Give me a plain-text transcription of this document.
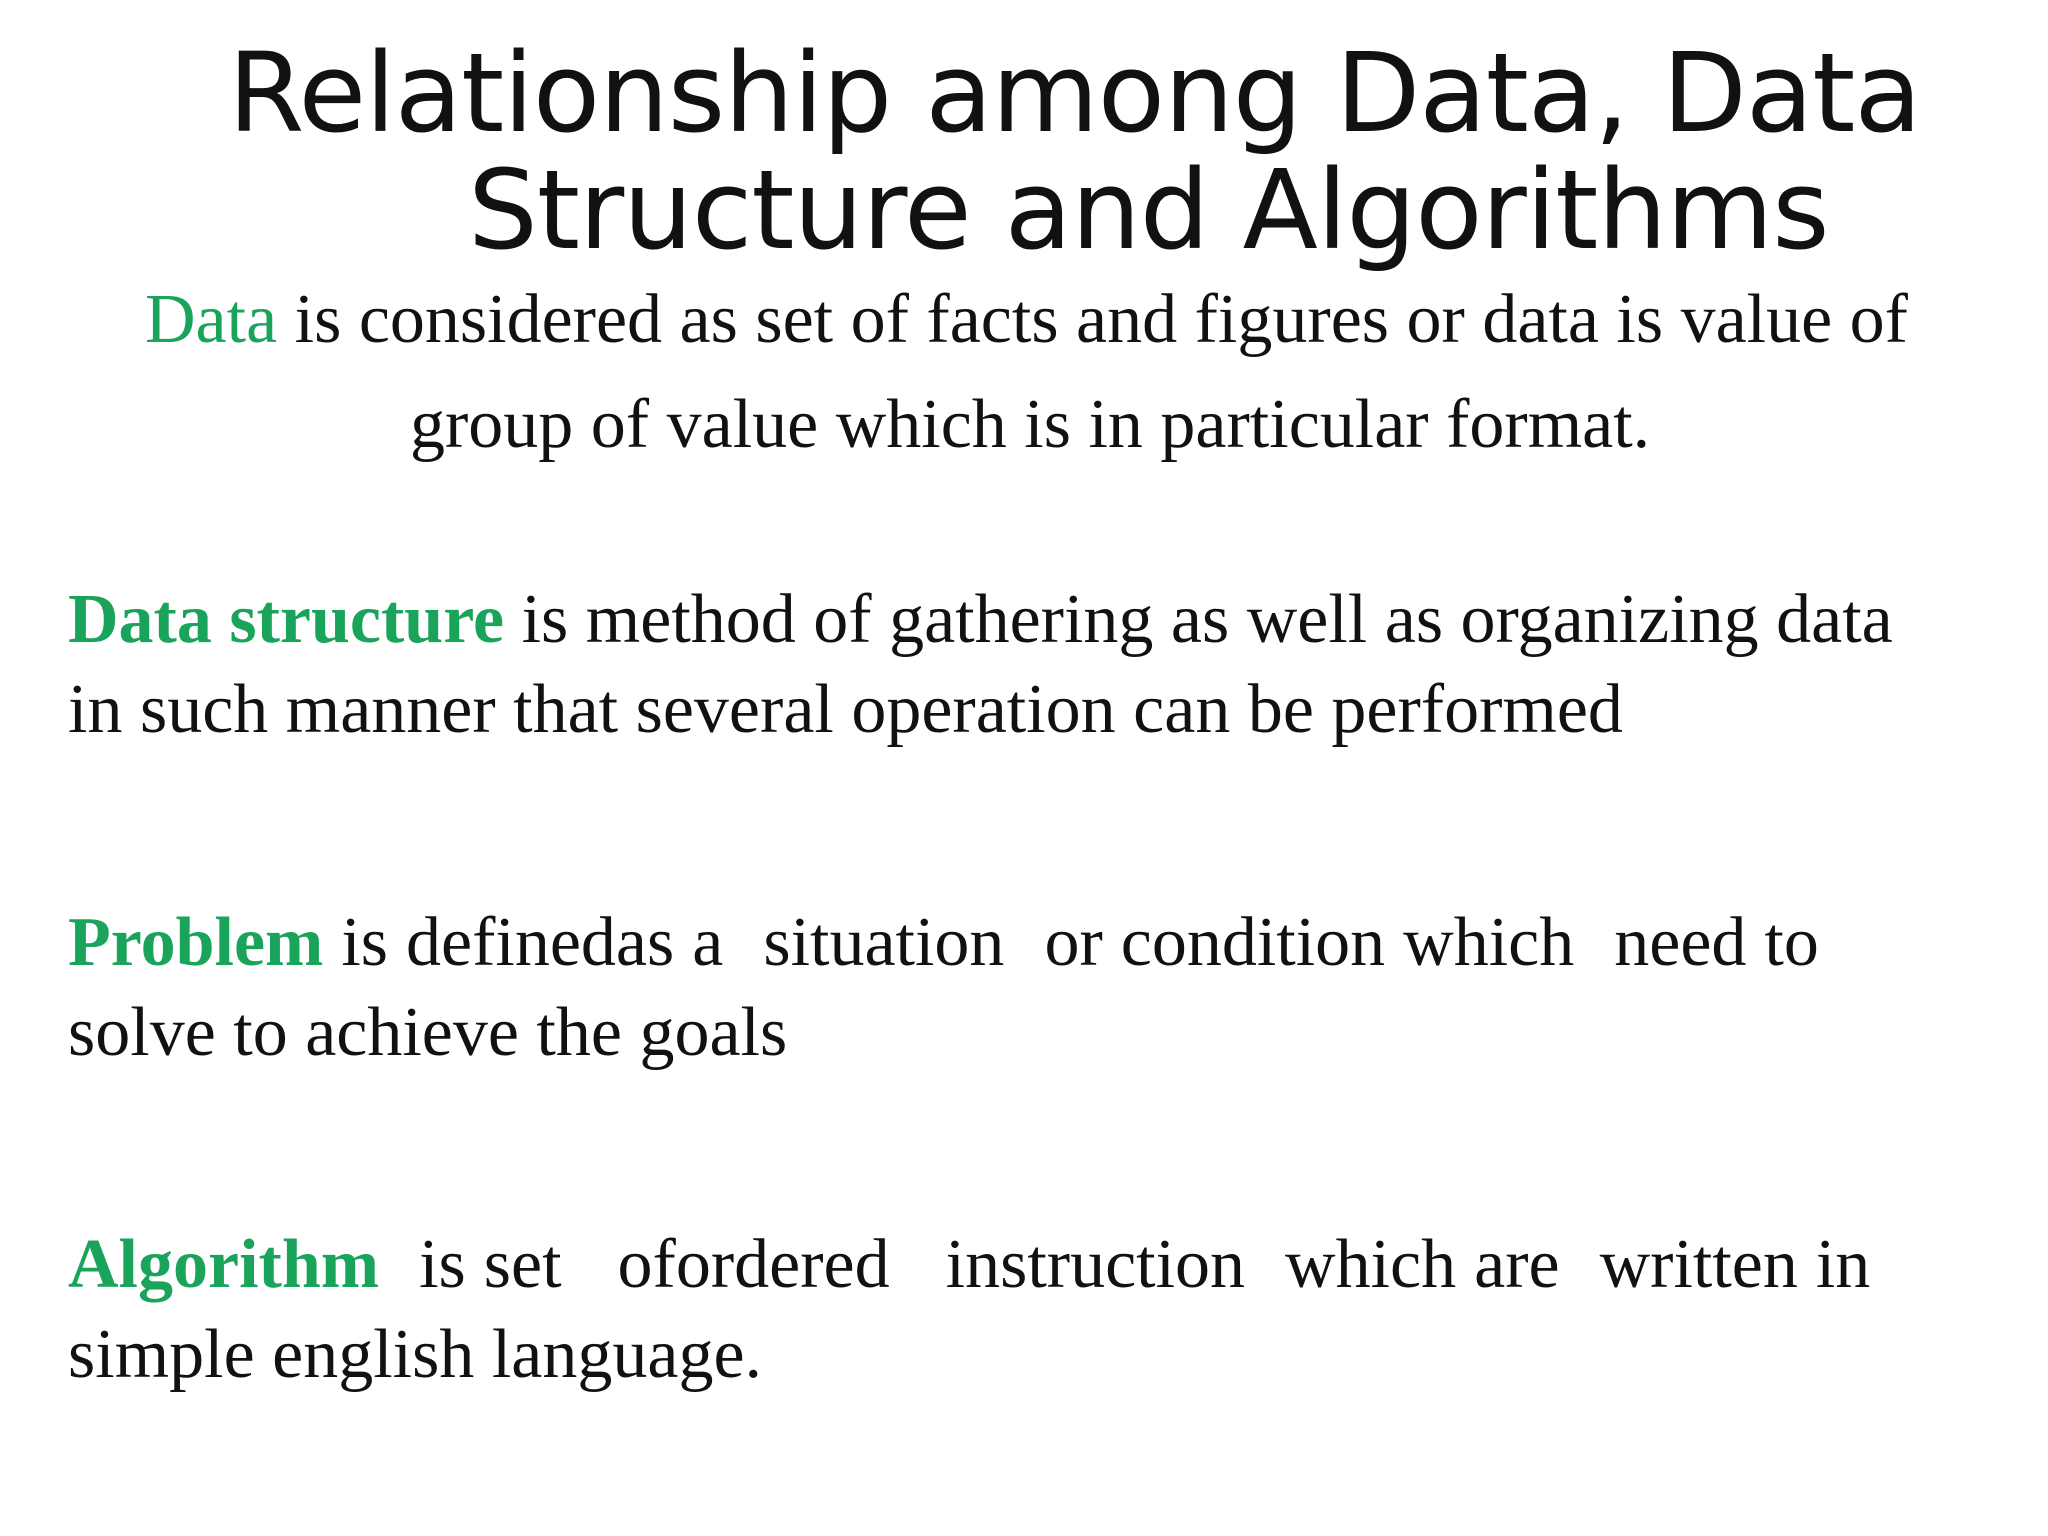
Relationship among Data, Data
Structure and Algorithms

Data is considered as set of facts and figures or data is value of

group of value which is in particular format.

Data structure is method of gathering as well as organizing data

in such manner that several operation can be performed

Problem is definedas a situation or condition which need to

solve to achieve the goals

Algorithm is set ofordered instruction which are written in

simple english language.
